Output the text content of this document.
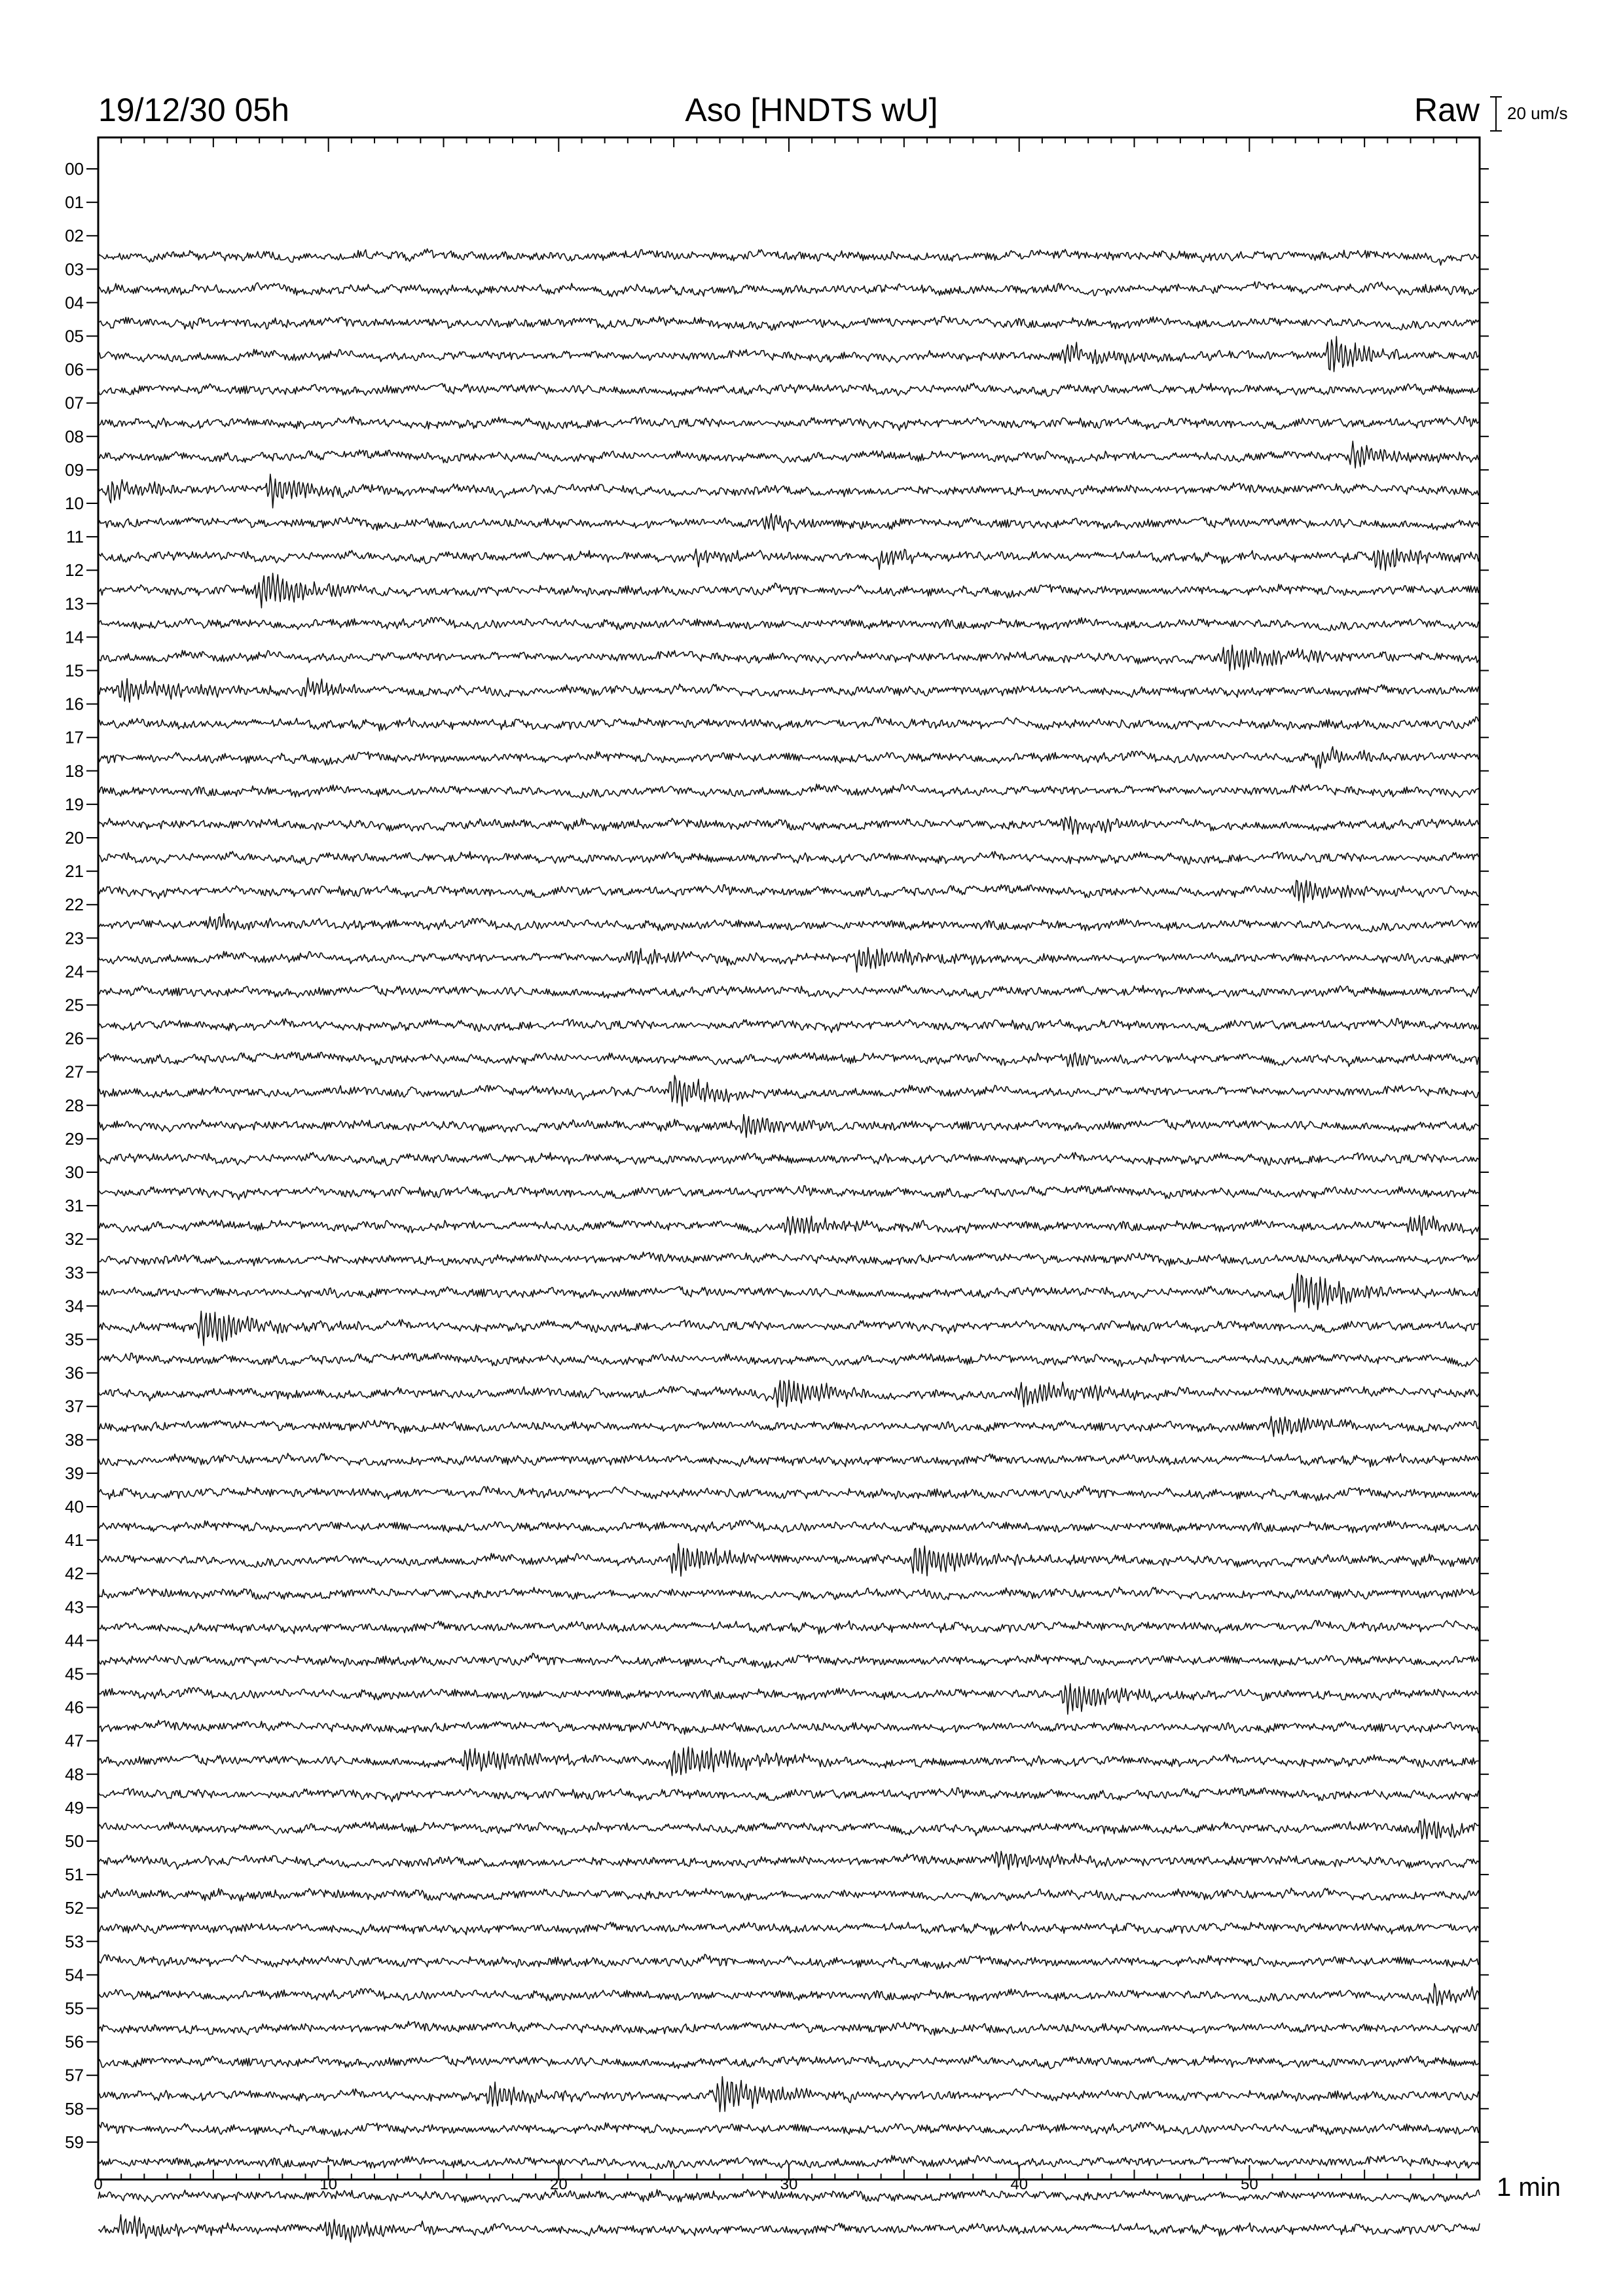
19/12/30 05h	Aso [HNDTS wU]	Raw 20 um/s
00
01
02
03
04
05
06
07
08
09
10
11
12
13
14
15
16
17
18
19
20
21
22
23
24
25
26
27
28
29
30
31
32
33
34
35
36
37
38
39
40
41
42
43
44
45
46
47
48
49
50
51
52
53
54
55
56
57
58
59
0	10	20	30	40	50	1 min
